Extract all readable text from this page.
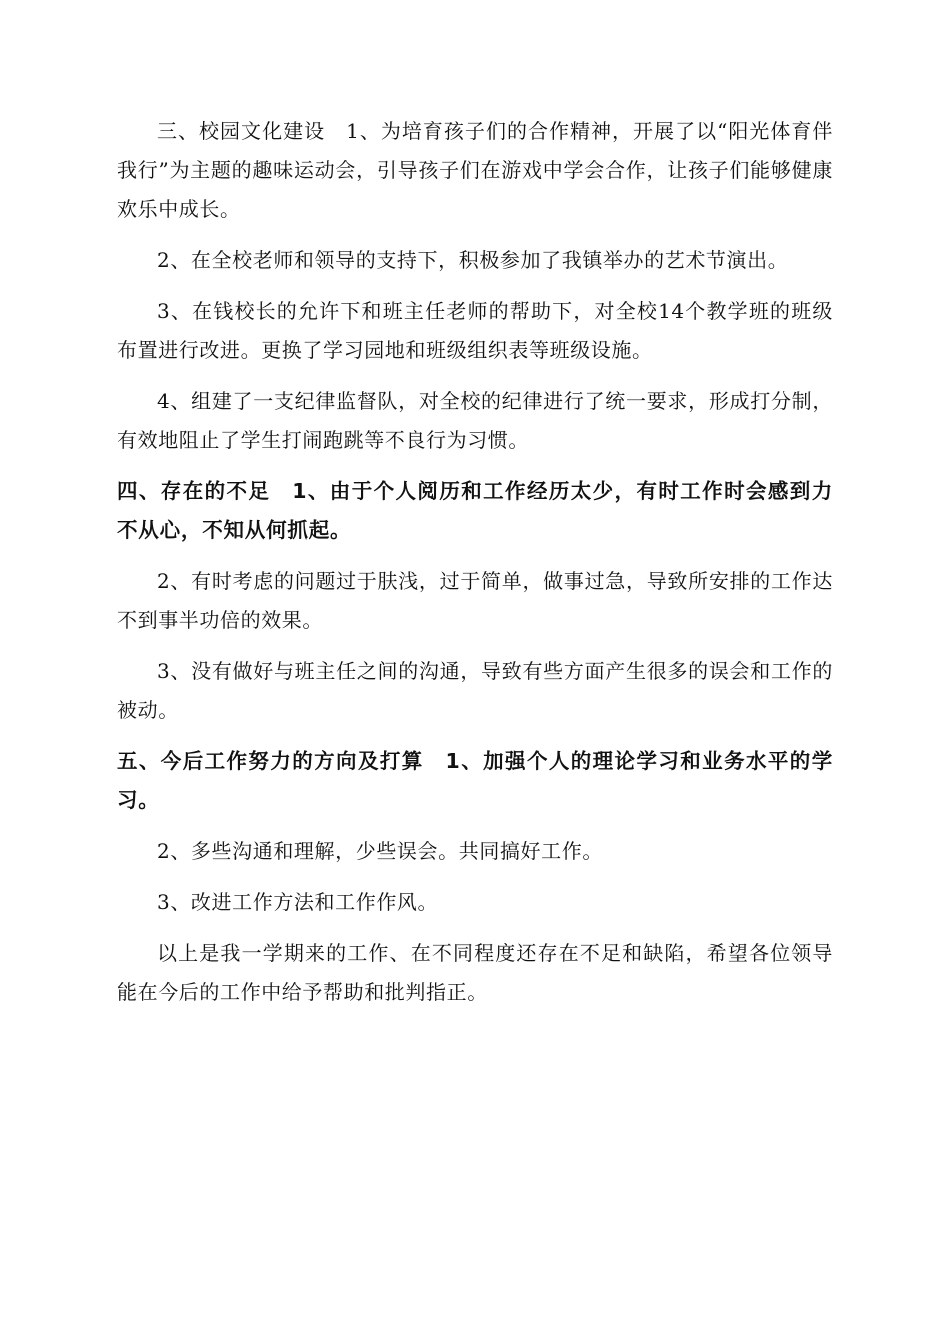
三、校园文化建设　1、为培育孩子们的合作精神，开展了以“阳光体育伴我行”为主题的趣味运动会，引导孩子们在游戏中学会合作，让孩子们能够健康欢乐中成长。

2、在全校老师和领导的支持下，积极参加了我镇举办的艺术节演出。

3、在钱校长的允许下和班主任老师的帮助下，对全校14个教学班的班级布置进行改进。更换了学习园地和班级组织表等班级设施。

4、组建了一支纪律监督队，对全校的纪律进行了统一要求，形成打分制，有效地阻止了学生打闹跑跳等不良行为习惯。

四、存在的不足　1、由于个人阅历和工作经历太少，有时工作时会感到力不从心，不知从何抓起。

2、有时考虑的问题过于肤浅，过于简单，做事过急，导致所安排的工作达不到事半功倍的效果。

3、没有做好与班主任之间的沟通，导致有些方面产生很多的误会和工作的被动。

五、今后工作努力的方向及打算　1、加强个人的理论学习和业务水平的学习。

2、多些沟通和理解，少些误会。共同搞好工作。

3、改进工作方法和工作作风。

以上是我一学期来的工作、在不同程度还存在不足和缺陷，希望各位领导能在今后的工作中给予帮助和批判指正。
